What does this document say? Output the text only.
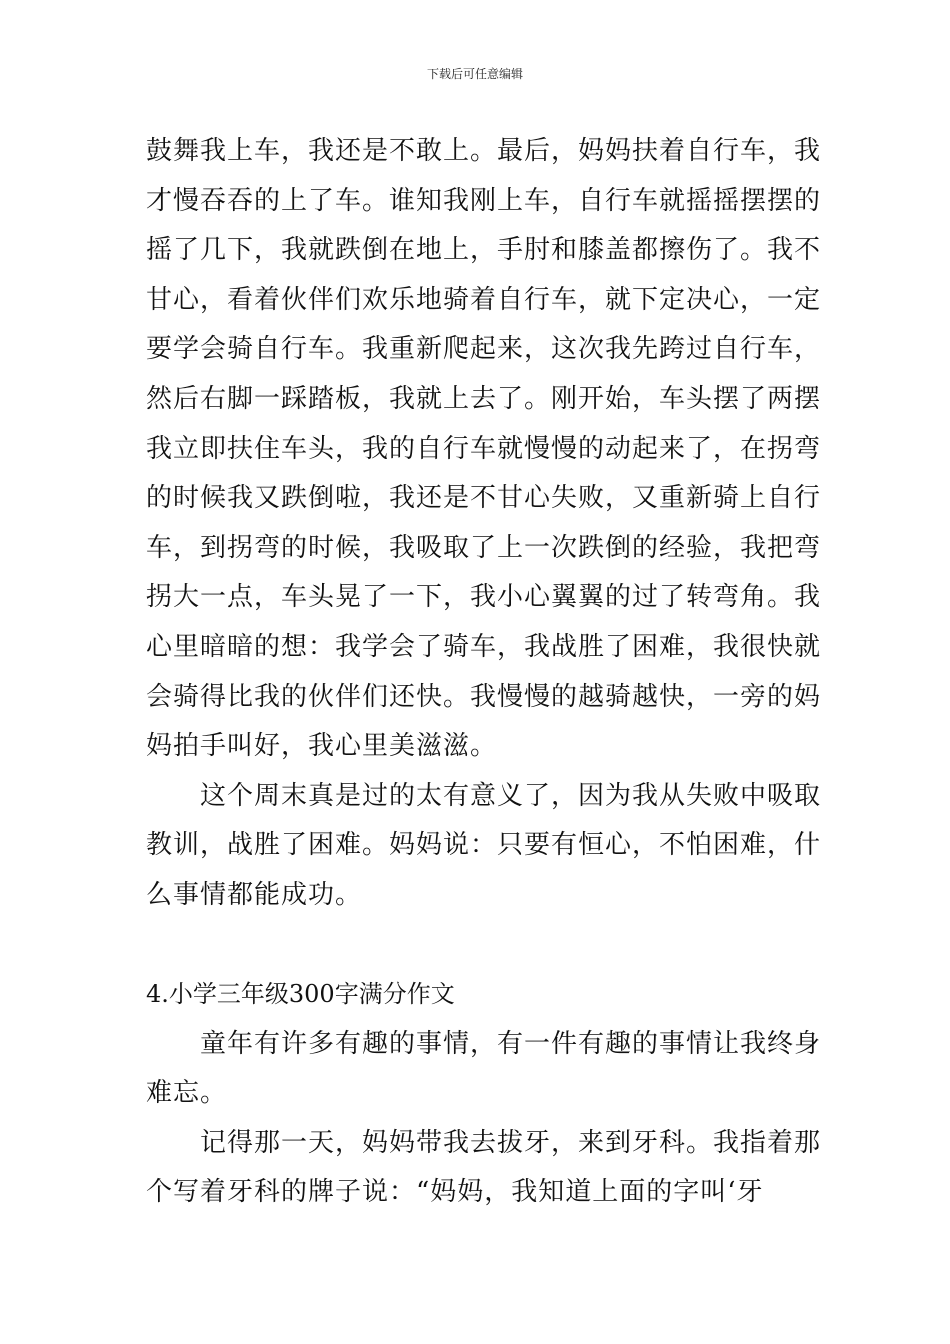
下载后可任意编辑
鼓舞我上车，我还是不敢上。最后，妈妈扶着自行车，我
才慢吞吞的上了车。谁知我刚上车，自行车就摇摇摆摆的
摇了几下，我就跌倒在地上，手肘和膝盖都擦伤了。我不
甘心，看着伙伴们欢乐地骑着自行车，就下定决心，一定
要学会骑自行车。我重新爬起来，这次我先跨过自行车，
然后右脚一踩踏板，我就上去了。刚开始，车头摆了两摆
我立即扶住车头，我的自行车就慢慢的动起来了，在拐弯
的时候我又跌倒啦，我还是不甘心失败，又重新骑上自行
车，到拐弯的时候，我吸取了上一次跌倒的经验，我把弯
拐大一点，车头晃了一下，我小心翼翼的过了转弯角。我
心里暗暗的想：我学会了骑车，我战胜了困难，我很快就
会骑得比我的伙伴们还快。我慢慢的越骑越快，一旁的妈
妈拍手叫好，我心里美滋滋。
这个周末真是过的太有意义了，因为我从失败中吸取
教训，战胜了困难。妈妈说：只要有恒心，不怕困难，什
么事情都能成功。
4.小学三年级300字满分作文
童年有许多有趣的事情，有一件有趣的事情让我终身
难忘。
记得那一天，妈妈带我去拔牙，来到牙科。我指着那
个写着牙科的牌子说：“妈妈，我知道上面的字叫‘牙
